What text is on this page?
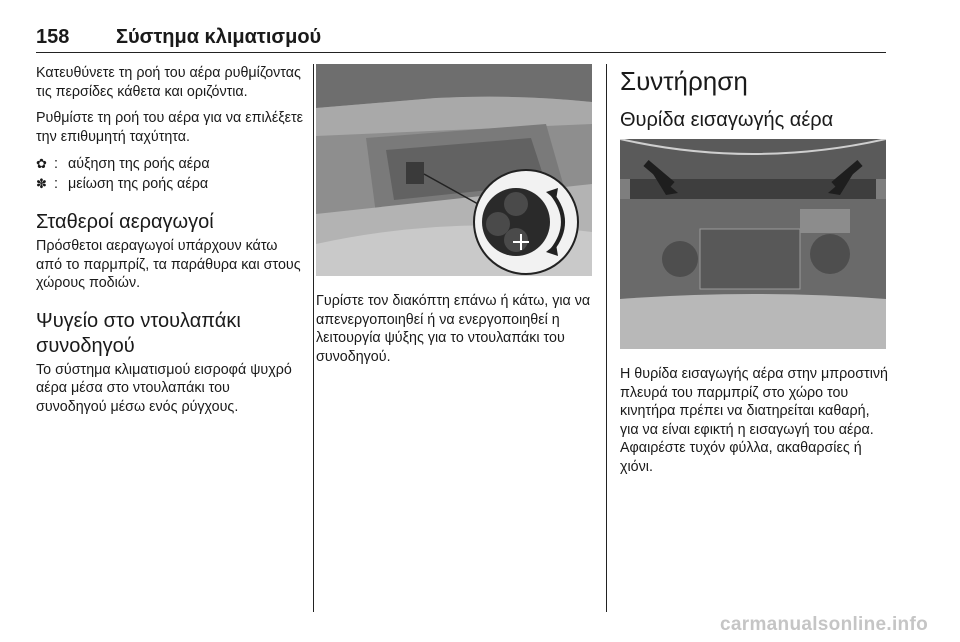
158 Σύστημα κλιματισμού

Κατευθύνετε τη ροή του αέρα ρυθμίζοντας τις περσίδες κάθετα και οριζόντια.

Ρυθμίστε τη ροή του αέρα για να επιλέξετε την επιθυμητή ταχύτητα.

✿ : αύξηση της ροής αέρα
✽ : μείωση της ροής αέρα
Σταθεροί αεραγωγοί

Πρόσθετοι αεραγωγοί υπάρχουν κάτω από το παρμπρίζ, τα παράθυρα και στους χώρους ποδιών.

Ψυγείο στο ντουλαπάκι συνοδηγού

Το σύστημα κλιματισμού εισροφά ψυχρό αέρα μέσα στο ντουλαπάκι του συνοδηγού μέσω ενός ρύγχους.

Γυρίστε τον διακόπτη επάνω ή κάτω, για να απενεργοποιηθεί ή να ενεργοποιηθεί η λειτουργία ψύξης για το ντουλαπάκι του συνοδηγού.

Συντήρηση
Θυρίδα εισαγωγής αέρα

Η θυρίδα εισαγωγής αέρα στην μπροστινή πλευρά του παρμπρίζ στο χώρο του κινητήρα πρέπει να διατηρείται καθαρή, για να είναι εφικτή η εισαγωγή του αέρα. Αφαιρέστε τυχόν φύλλα, ακαθαρσίες ή χιόνι.

carmanualsonline.info
